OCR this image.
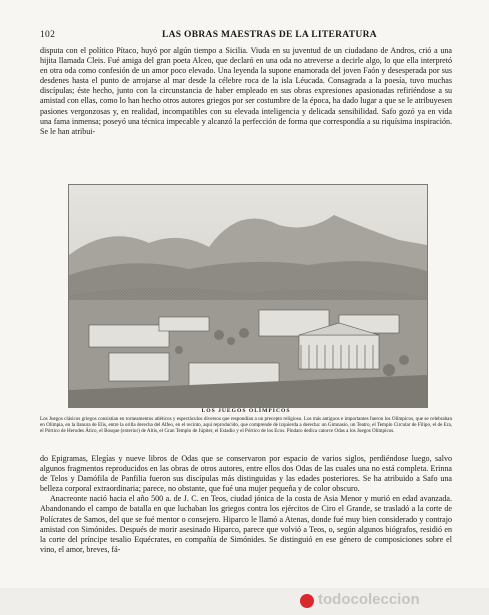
102	LAS OBRAS MAESTRAS DE LA LITERATURA

disputa con el político Pítaco, huyó por algún tiempo a Sicilia. Viuda en su juventud de un ciudadano de Andros, crió a una hijita llamada Cleis. Fué amiga del gran poeta Alceo, que declaró en una oda no atreverse a decirle algo, lo que ella interpretó en otra oda como confesión de un amor poco elevado. Una leyenda la supone enamorada del joven Faón y desesperada por sus desdenes hasta el punto de arrojarse al mar desde la célebre roca de la isla Léucada. Consagrada a la poesía, tuvo muchas discípulas; éste hecho, junto con la circunstancia de haber empleado en sus obras expresiones apasionadas refiriéndose a su amistad con ellas, como lo han hecho otros autores griegos por ser costumbre de la época, ha dado lugar a que se le atribuyesen pasiones vergonzosas y, en realidad, incompatibles con su elevada inteligencia y delicada sensibilidad. Safo gozó ya en vida una fama inmensa; poseyó una técnica impecable y alcanzó la perfección de forma que correspondía a su riquísima inspiración. Se le han atribui-

LOS JUEGOS OLÍMPICOS
Los Juegos clásicos griegos consistían en torneamentos atléticos y espectáculos diversos que respondían a un precepto religioso. Los más antiguos e importantes fueron los Olímpicos, que se celebraban en Olimpia, en la llanura de Elis, entre la orilla derecha del Alfeo, en el recinto, aquí reproducido, que comprende de izquierda a derecha: un Gimnasio, un Teatro, el Templo Circular de Filipo, el de Era, el Pórtico de Herodes Ático, el Bosque (exterior) de Altis, el Gran Templo de Júpiter, el Estadio y el Pórtico de los Ecos. Píndaro dedica catorce Odas a los Juegos Olímpicos.

do Epigramas, Elegías y nueve libros de Odas que se conservaron por espacio de varios siglos, perdiéndose luego, salvo algunos fragmentos reproducidos en las obras de otros autores, entre ellos dos Odas de las cuales una no está completa. Erinna de Telos y Damófila de Panfilia fueron sus discípulas más distinguidas y las edades posteriores. Se ha atribuido a Safo una belleza corporal extraordinaria; parece, no obstante, que fué una mujer pequeña y de color obscuro.

Anacreonte nació hacia el año 500 a. de J. C. en Teos, ciudad jónica de la costa de Asia Menor y murió en edad avanzada. Abandonando el campo de batalla en que luchaban los griegos contra los ejércitos de Ciro el Grande, se trasladó a la corte de Polícrates de Samos, del que se fué mentor o consejero. Hiparco le llamó a Atenas, donde fué muy bien considerado y contrajo amistad con Simónides. Después de morir asesinado Hiparco, parece que volvió a Teos, o, según algunos biógrafos, residió en la corte del príncipe tesalio Equécrates, en compañía de Simónides. Se distinguió en ese género de composiciones sobre el vino, el amor, breves, fá-

todocoleccion
